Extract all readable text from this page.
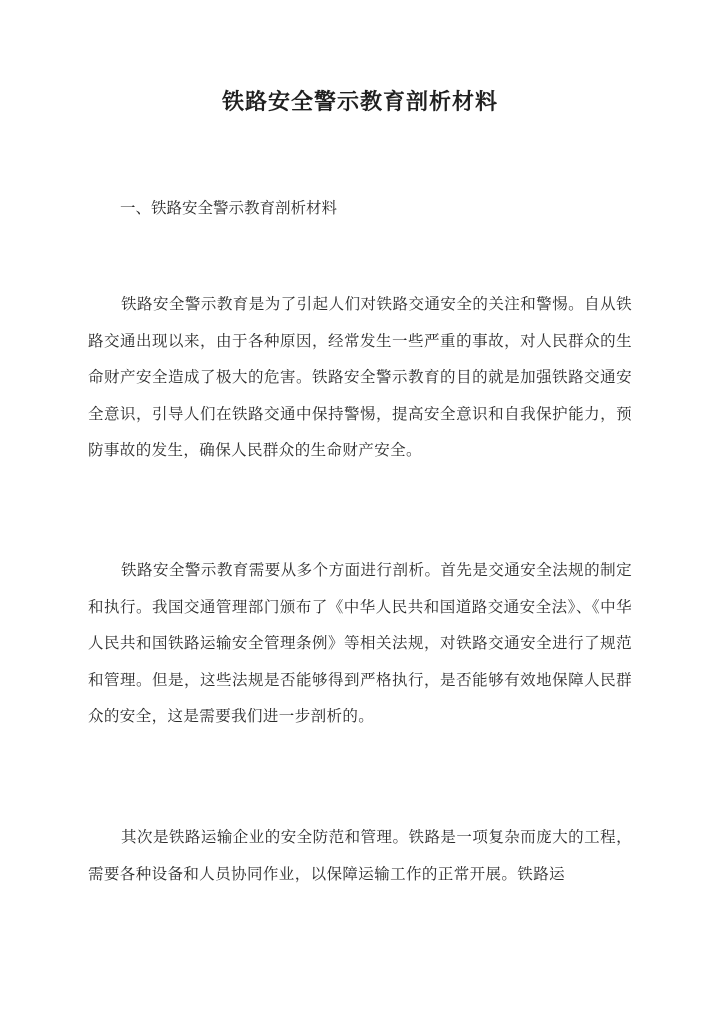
铁路安全警示教育剖析材料
一、铁路安全警示教育剖析材料

铁路安全警示教育是为了引起人们对铁路交通安全的关注和警惕。自从铁路交通出现以来，由于各种原因，经常发生一些严重的事故，对人民群众的生命财产安全造成了极大的危害。铁路安全警示教育的目的就是加强铁路交通安全意识，引导人们在铁路交通中保持警惕，提高安全意识和自我保护能力，预防事故的发生，确保人民群众的生命财产安全。

铁路安全警示教育需要从多个方面进行剖析。首先是交通安全法规的制定和执行。我国交通管理部门颁布了《中华人民共和国道路交通安全法》、《中华人民共和国铁路运输安全管理条例》等相关法规，对铁路交通安全进行了规范和管理。但是，这些法规是否能够得到严格执行，是否能够有效地保障人民群众的安全，这是需要我们进一步剖析的。

其次是铁路运输企业的安全防范和管理。铁路是一项复杂而庞大的工程，需要各种设备和人员协同作业，以保障运输工作的正常开展。铁路运
